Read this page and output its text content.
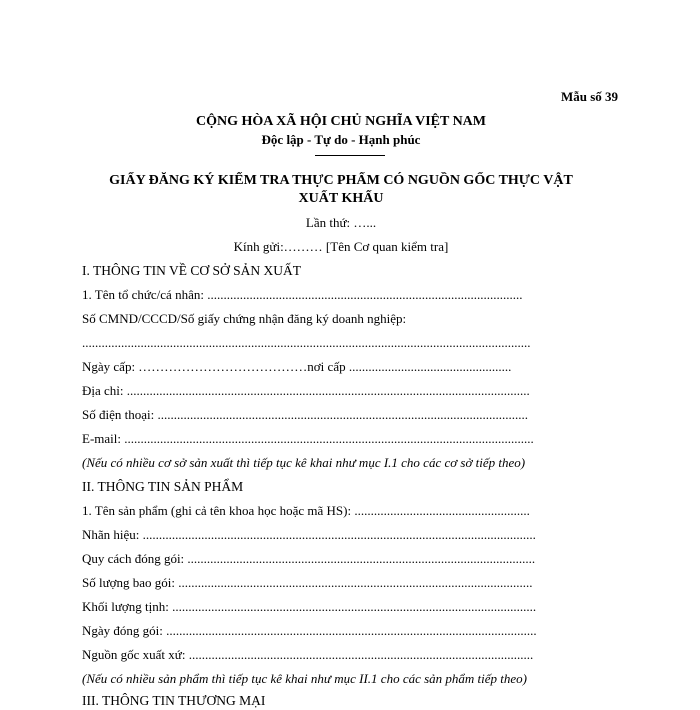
Mẫu số 39
CỘNG HÒA XÃ HỘI CHỦ NGHĨA VIỆT NAM
Độc lập - Tự do - Hạnh phúc
GIẤY ĐĂNG KÝ KIỂM TRA THỰC PHẨM CÓ NGUỒN GỐC THỰC VẬT
XUẤT KHẨU
Lần thứ: …...
Kính gửi:……… [Tên Cơ quan kiểm tra]
I. THÔNG TIN VỀ CƠ SỞ SẢN XUẤT
1. Tên tổ chức/cá nhân: .................................................................................................
Số CMND/CCCD/Số giấy chứng nhận đăng ký doanh nghiệp:
..........................................................................................................................................
Ngày cấp: …………………………………nơi cấp ..................................................
Địa chỉ: ............................................................................................................................
Số điện thoại: ..................................................................................................................
E-mail: ..............................................................................................................................
(Nếu có nhiều cơ sở sản xuất thì tiếp tục kê khai như mục I.1 cho các cơ sở tiếp theo)
II. THÔNG TIN SẢN PHẨM
1. Tên sản phẩm (ghi cả tên khoa học hoặc mã HS): ......................................................
Nhãn hiệu: .........................................................................................................................
Quy cách đóng gói: ...........................................................................................................
Số lượng bao gói: .............................................................................................................
Khối lượng tịnh: ................................................................................................................
Ngày đóng gói: ..................................................................................................................
Nguồn gốc xuất xứ: ..........................................................................................................
(Nếu có nhiều sản phẩm thì tiếp tục kê khai như mục II.1 cho các sản phẩm tiếp theo)
III. THÔNG TIN THƯƠNG MẠI
